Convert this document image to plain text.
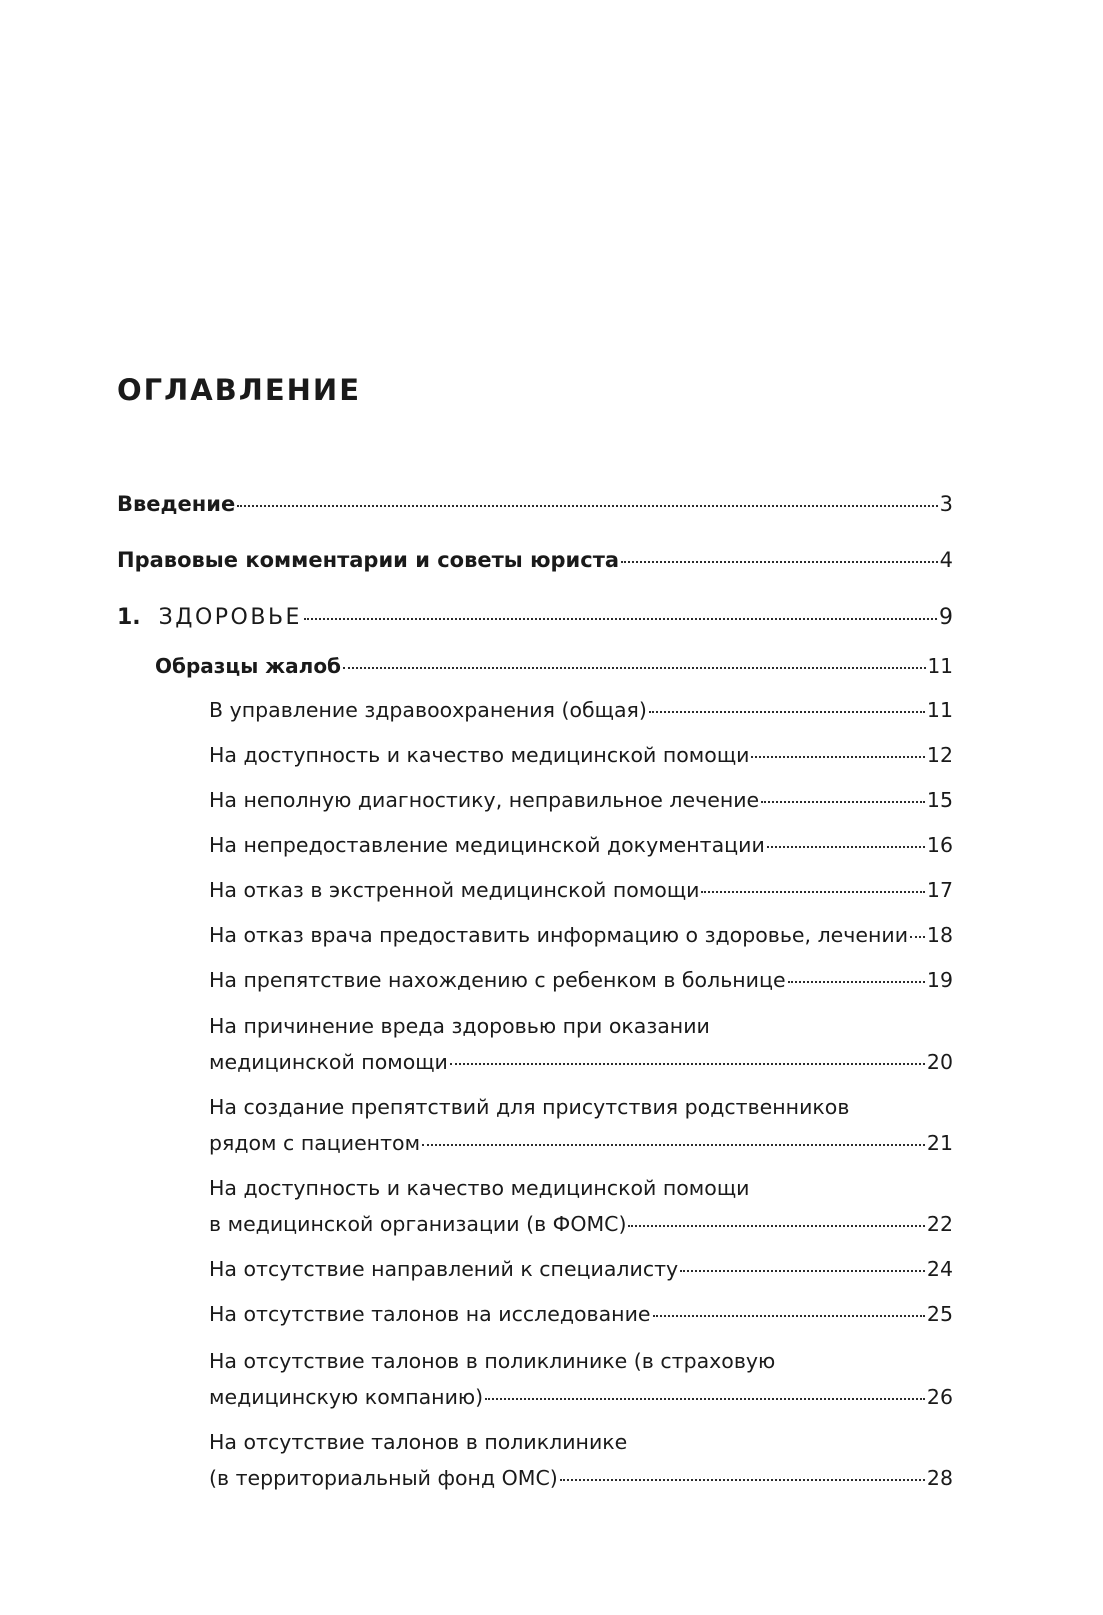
ОГЛАВЛЕНИЕ
Введение	3
Правовые комментарии и советы юриста	4
1. ЗДОРОВЬЕ	9
Образцы жалоб	11
В управление здравоохранения (общая)	11
На доступность и качество медицинской помощи	12
На неполную диагностику, неправильное лечение	15
На непредоставление медицинской документации	16
На отказ в экстренной медицинской помощи	17
На отказ врача предоставить информацию о здоровье, лечении 18
На препятствие нахождению с ребенком в больнице	19
На причинение вреда здоровью при оказании
медицинской помощи	20
На создание препятствий для присутствия родственников
рядом с пациентом	21
На доступность и качество медицинской помощи
в медицинской организации (в ФОМС)	22
На отсутствие направлений к специалисту	24
На отсутствие талонов на исследование	25
На отсутствие талонов в поликлинике (в страховую
медицинскую компанию)	26
На отсутствие талонов в поликлинике
(в территориальный фонд ОМС)	28
